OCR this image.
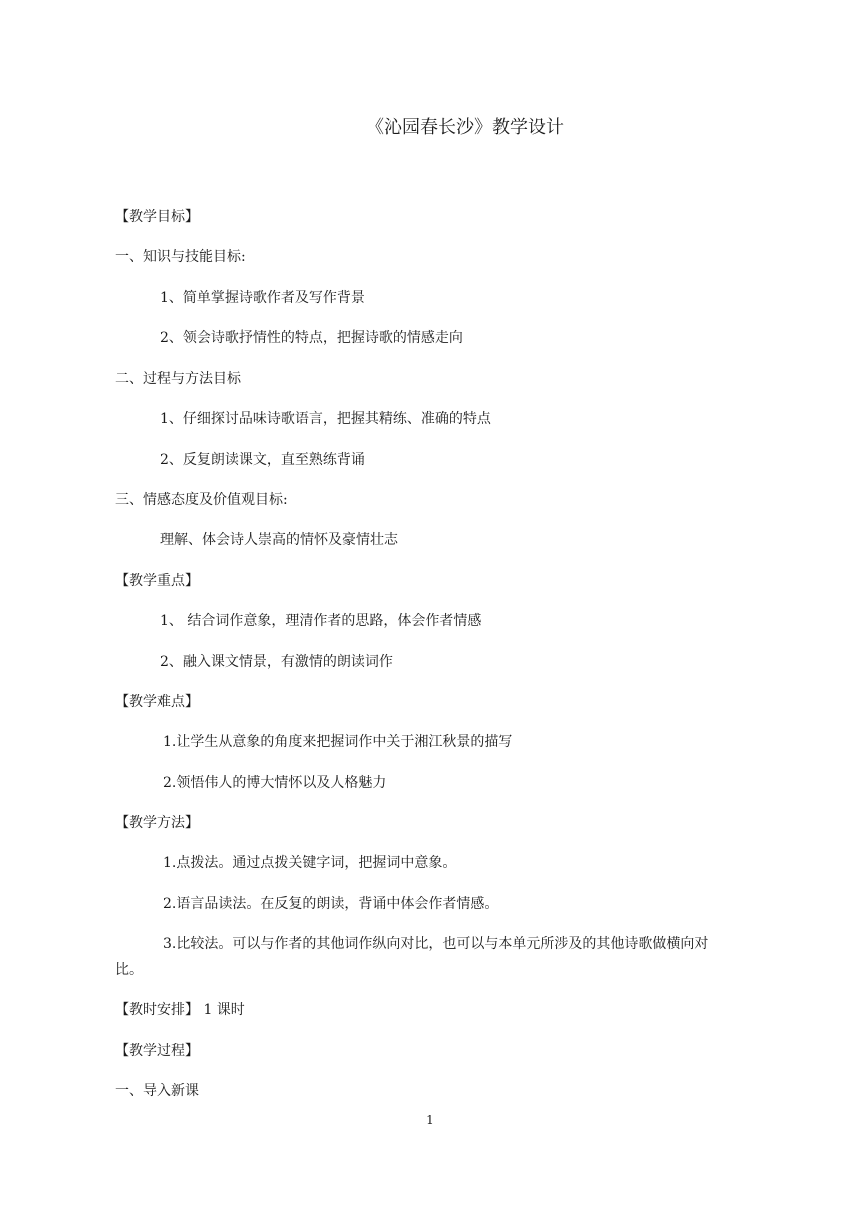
《沁园春长沙》教学设计
【教学目标】
一、知识与技能目标:
1、简单掌握诗歌作者及写作背景
2、领会诗歌抒情性的特点，把握诗歌的情感走向
二、过程与方法目标
1、仔细探讨品味诗歌语言，把握其精练、准确的特点
2、反复朗读课文，直至熟练背诵
三、情感态度及价值观目标:
理解、体会诗人崇高的情怀及豪情壮志
【教学重点】
1、 结合词作意象，理清作者的思路，体会作者情感
2、融入课文情景，有激情的朗读词作
【教学难点】
1.让学生从意象的角度来把握词作中关于湘江秋景的描写
2.领悟伟人的博大情怀以及人格魅力
【教学方法】
1.点拨法。通过点拨关键字词，把握词中意象。
2.语言品读法。在反复的朗读，背诵中体会作者情感。
3.比较法。可以与作者的其他词作纵向对比，也可以与本单元所涉及的其他诗歌做横向对比。
【教时安排】 1 课时
【教学过程】
一、导入新课
1
